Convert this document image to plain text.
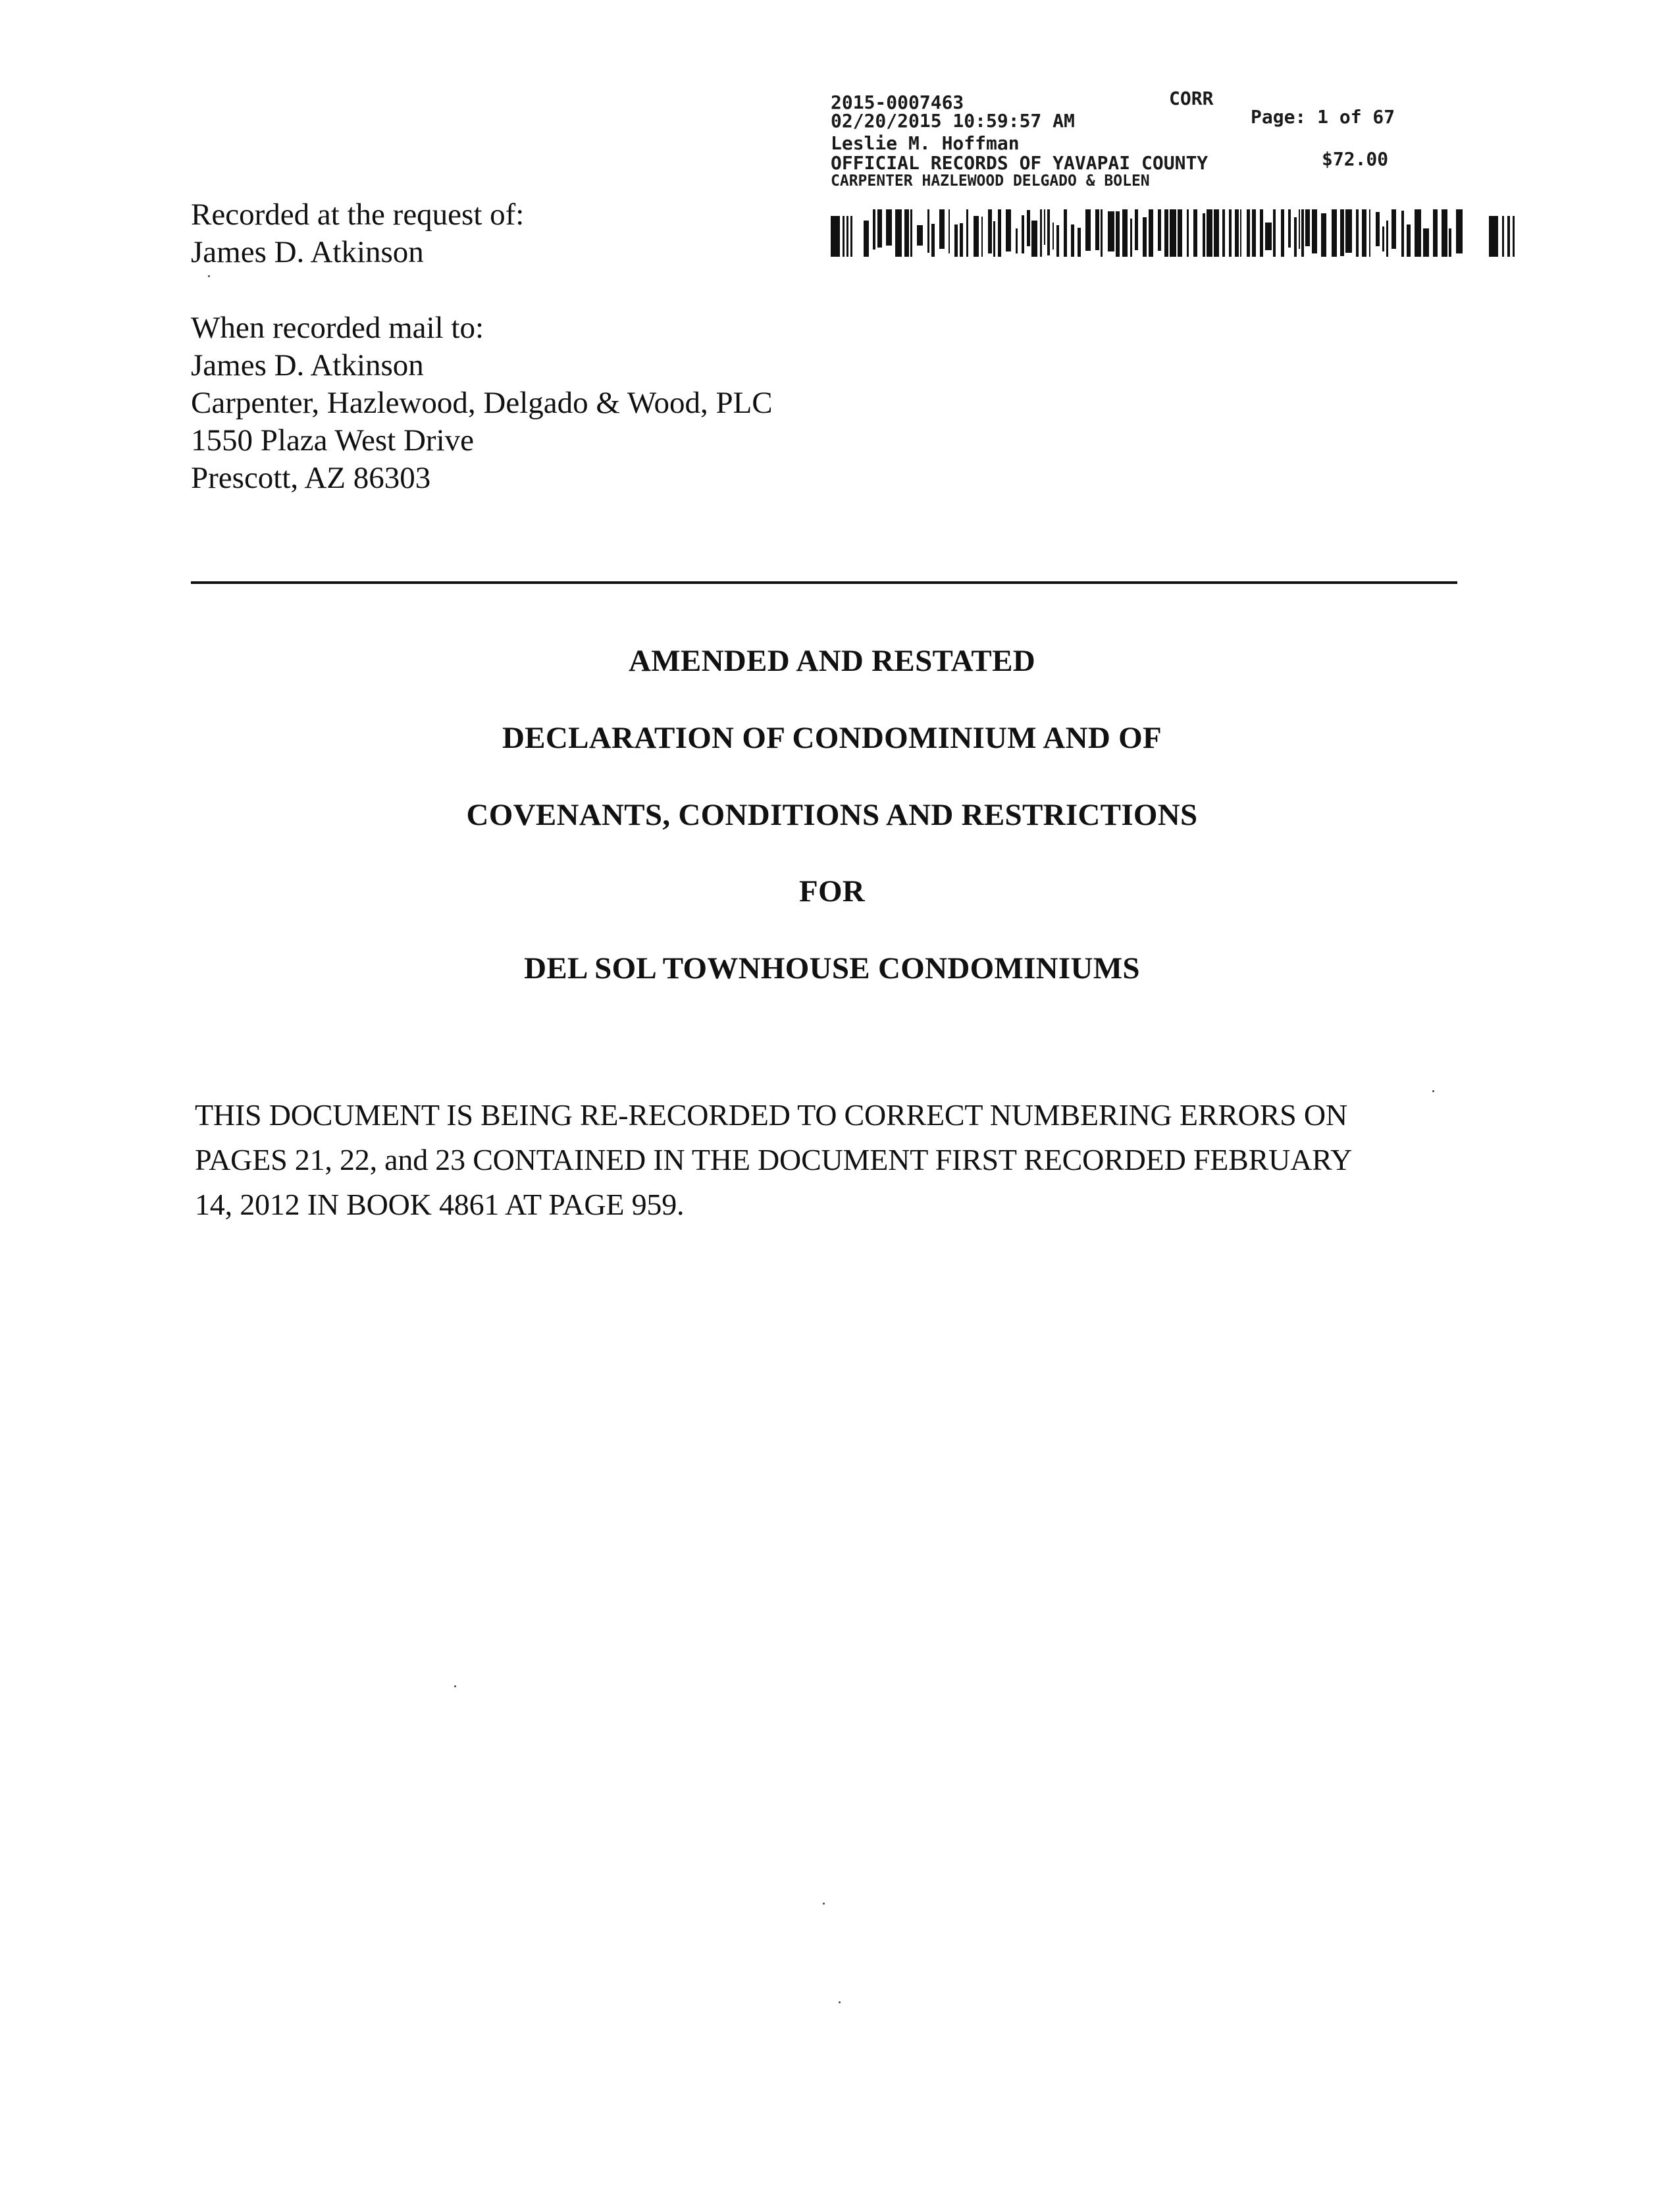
2015-0007463	CORR
02/20/2015 10:59:57 AM	Page: 1 of 67
Leslie M. Hoffman
OFFICIAL RECORDS OF YAVAPAI COUNTY	$72.00
CARPENTER HAZLEWOOD DELGADO & BOLEN
Recorded at the request of:
James D. Atkinson
When recorded mail to:
James D. Atkinson
Carpenter, Hazlewood, Delgado & Wood, PLC
1550 Plaza West Drive
Prescott, AZ 86303
AMENDED AND RESTATED
DECLARATION OF CONDOMINIUM AND OF
COVENANTS, CONDITIONS AND RESTRICTIONS
FOR
DEL SOL TOWNHOUSE CONDOMINIUMS
THIS DOCUMENT IS BEING RE-RECORDED TO CORRECT NUMBERING ERRORS ON
PAGES 21, 22, and 23 CONTAINED IN THE DOCUMENT FIRST RECORDED FEBRUARY
14, 2012 IN BOOK 4861 AT PAGE 959.
